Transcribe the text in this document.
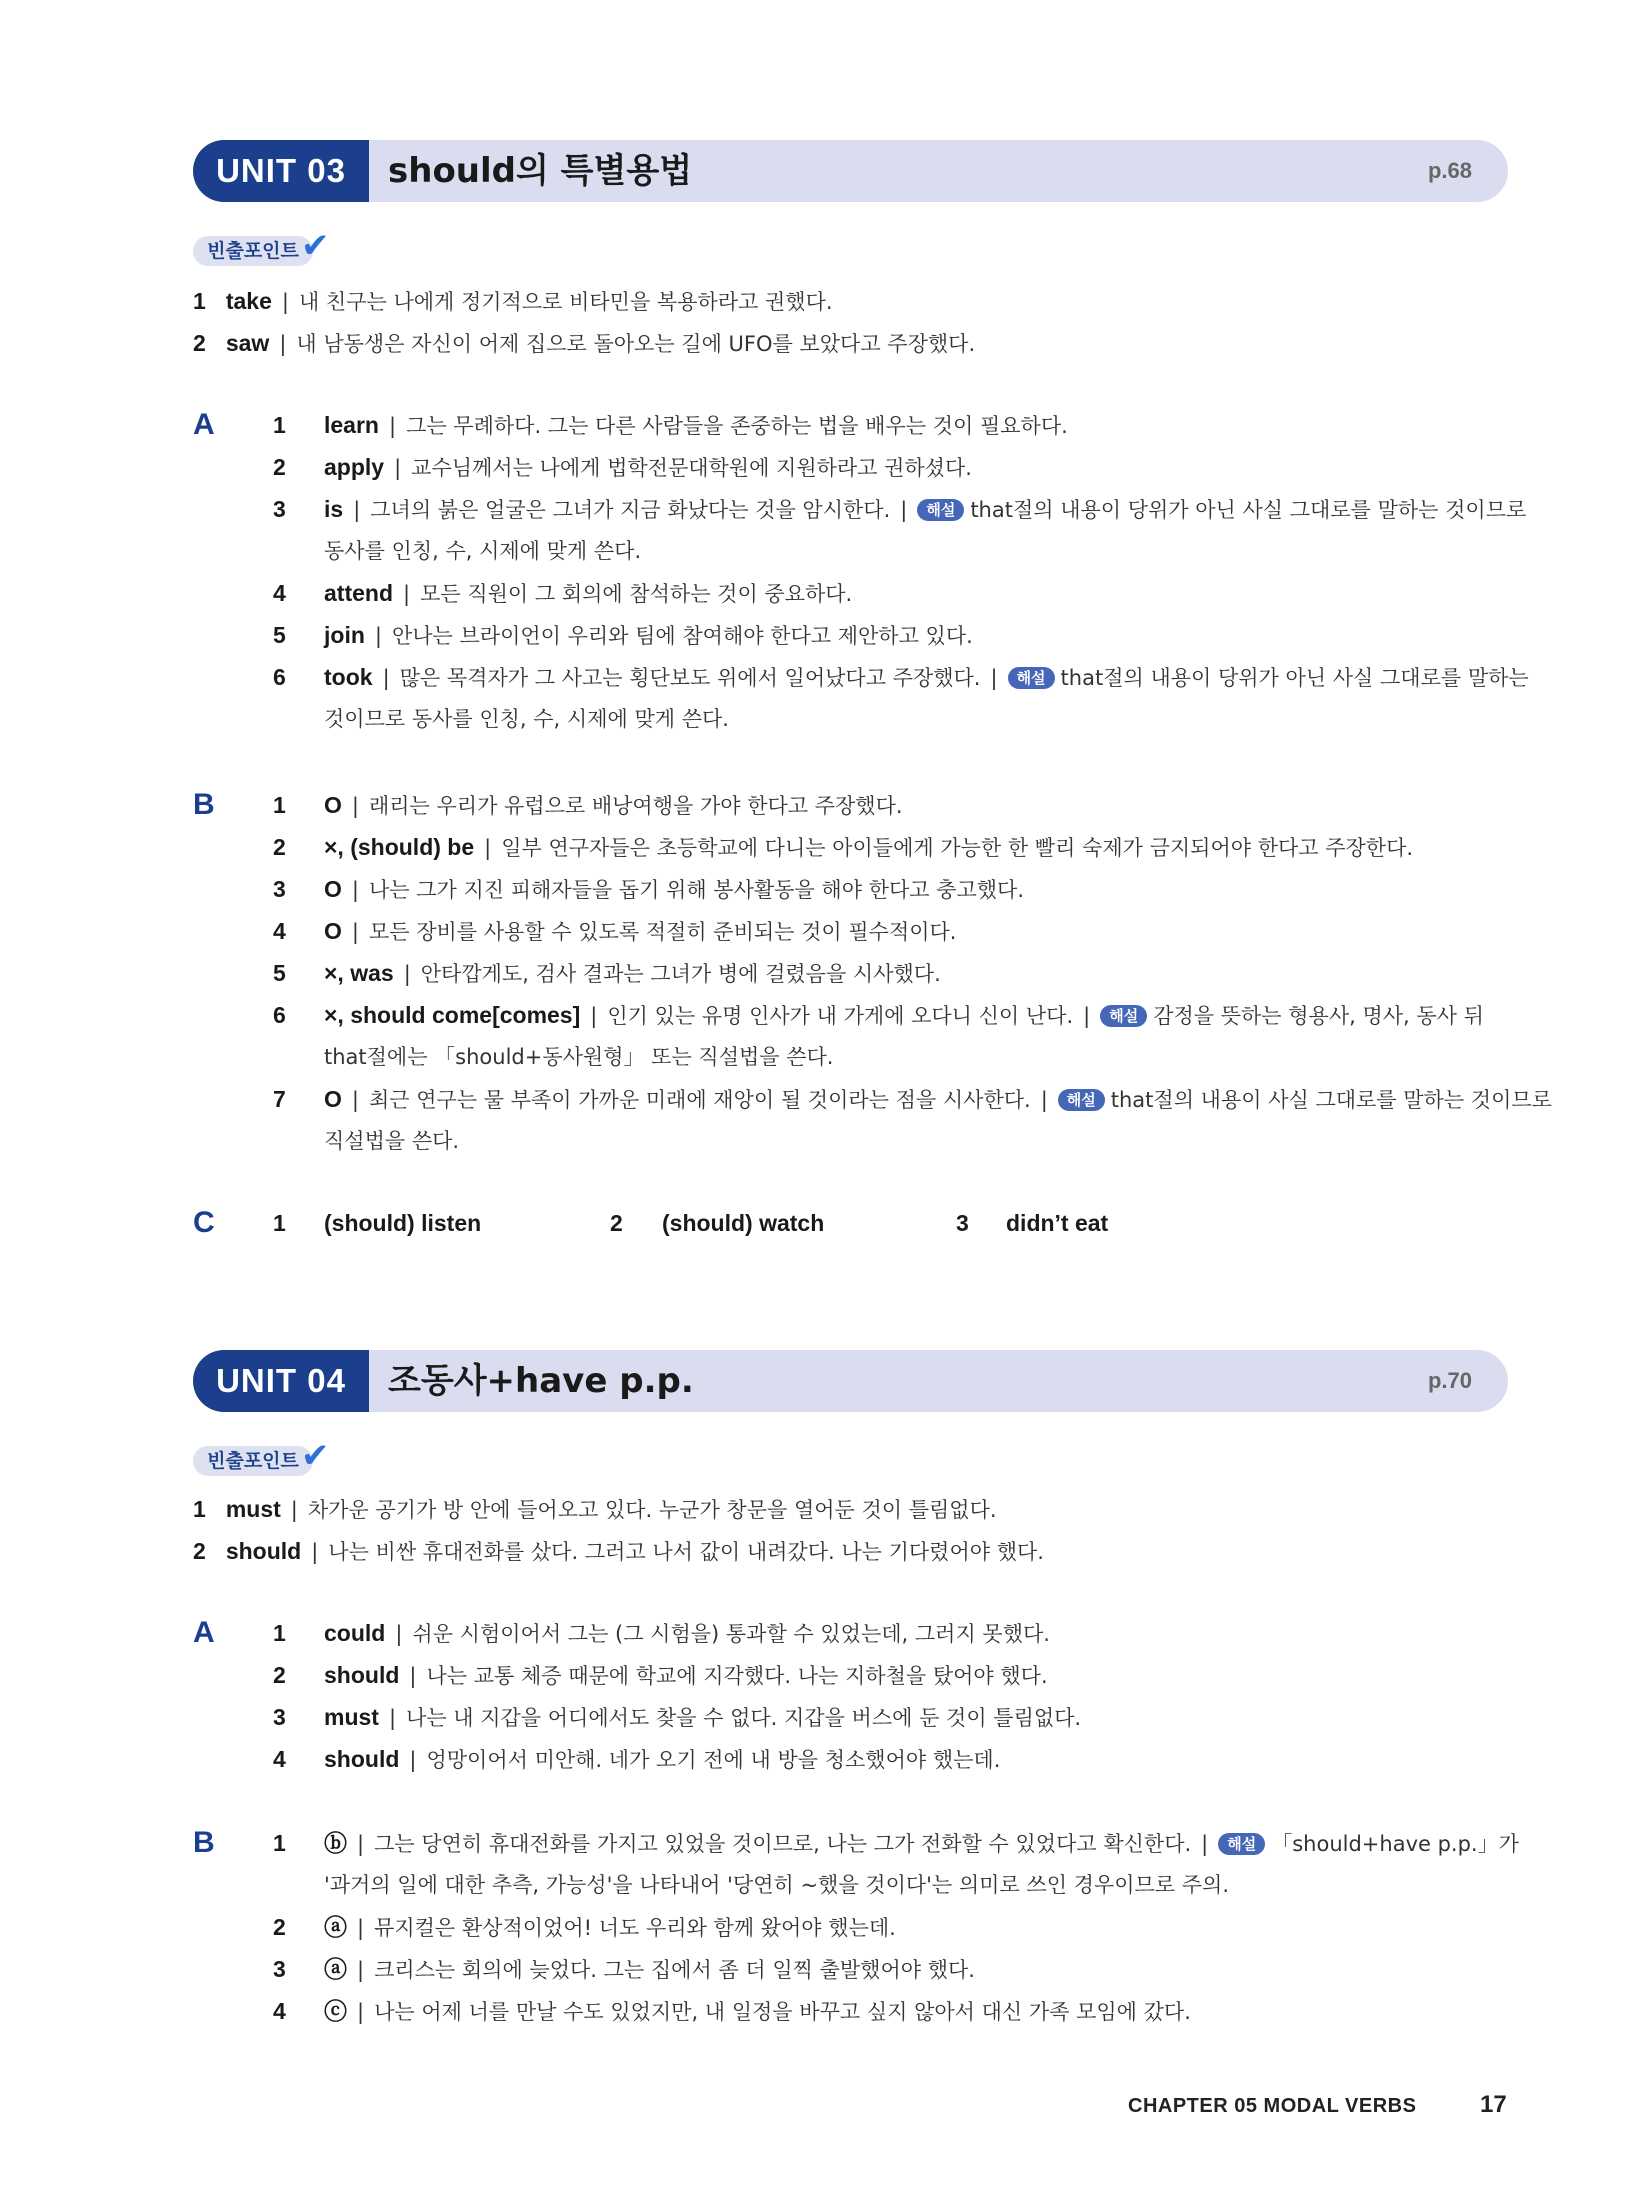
UNIT 03	should의 특별용법	p.68
빈출포인트 ✔
1 take | 내 친구는 나에게 정기적으로 비타민을 복용하라고 권했다.
2 saw | 내 남동생은 자신이 어제 집으로 돌아오는 길에 UFO를 보았다고 주장했다.
A	1 learn | 그는 무례하다. 그는 다른 사람들을 존중하는 법을 배우는 것이 필요하다.
2 apply | 교수님께서는 나에게 법학전문대학원에 지원하라고 권하셨다.
3 is | 그녀의 붉은 얼굴은 그녀가 지금 화났다는 것을 암시한다. | 해설 that절의 내용이 당위가 아닌 사실 그대로를 말하는 것이므로
동사를 인칭, 수, 시제에 맞게 쓴다.
4 attend | 모든 직원이 그 회의에 참석하는 것이 중요하다.
5 join | 안나는 브라이언이 우리와 팀에 참여해야 한다고 제안하고 있다.
6 took | 많은 목격자가 그 사고는 횡단보도 위에서 일어났다고 주장했다. | 해설 that절의 내용이 당위가 아닌 사실 그대로를 말하는
것이므로 동사를 인칭, 수, 시제에 맞게 쓴다.
B	1 O | 래리는 우리가 유럽으로 배낭여행을 가야 한다고 주장했다.
2 ×, (should) be | 일부 연구자들은 초등학교에 다니는 아이들에게 가능한 한 빨리 숙제가 금지되어야 한다고 주장한다.
3 O | 나는 그가 지진 피해자들을 돕기 위해 봉사활동을 해야 한다고 충고했다.
4 O | 모든 장비를 사용할 수 있도록 적절히 준비되는 것이 필수적이다.
5 ×, was | 안타깝게도, 검사 결과는 그녀가 병에 걸렸음을 시사했다.
6 ×, should come[comes] | 인기 있는 유명 인사가 내 가게에 오다니 신이 난다. | 해설 감정을 뜻하는 형용사, 명사, 동사 뒤
that절에는 「should+동사원형」 또는 직설법을 쓴다.
7 O | 최근 연구는 물 부족이 가까운 미래에 재앙이 될 것이라는 점을 시사한다. | 해설 that절의 내용이 사실 그대로를 말하는 것이므로
직설법을 쓴다.
C	1 (should) listen	2 (should) watch	3 didn’t eat
UNIT 04	조동사+have p.p.	p.70
빈출포인트 ✔
1 must | 차가운 공기가 방 안에 들어오고 있다. 누군가 창문을 열어둔 것이 틀림없다.
2 should | 나는 비싼 휴대전화를 샀다. 그러고 나서 값이 내려갔다. 나는 기다렸어야 했다.
A	1 could | 쉬운 시험이어서 그는 (그 시험을) 통과할 수 있었는데, 그러지 못했다.
2 should | 나는 교통 체증 때문에 학교에 지각했다. 나는 지하철을 탔어야 했다.
3 must | 나는 내 지갑을 어디에서도 찾을 수 없다. 지갑을 버스에 둔 것이 틀림없다.
4 should | 엉망이어서 미안해. 네가 오기 전에 내 방을 청소했어야 했는데.
B	1 ⓑ | 그는 당연히 휴대전화를 가지고 있었을 것이므로, 나는 그가 전화할 수 있었다고 확신한다. | 해설 「should+have p.p.」가
'과거의 일에 대한 추측, 가능성'을 나타내어 '당연히 ~했을 것이다'는 의미로 쓰인 경우이므로 주의.
2 ⓐ | 뮤지컬은 환상적이었어! 너도 우리와 함께 왔어야 했는데.
3 ⓐ | 크리스는 회의에 늦었다. 그는 집에서 좀 더 일찍 출발했어야 했다.
4 ⓒ | 나는 어제 너를 만날 수도 있었지만, 내 일정을 바꾸고 싶지 않아서 대신 가족 모임에 갔다.
CHAPTER 05 MODAL VERBS	17
